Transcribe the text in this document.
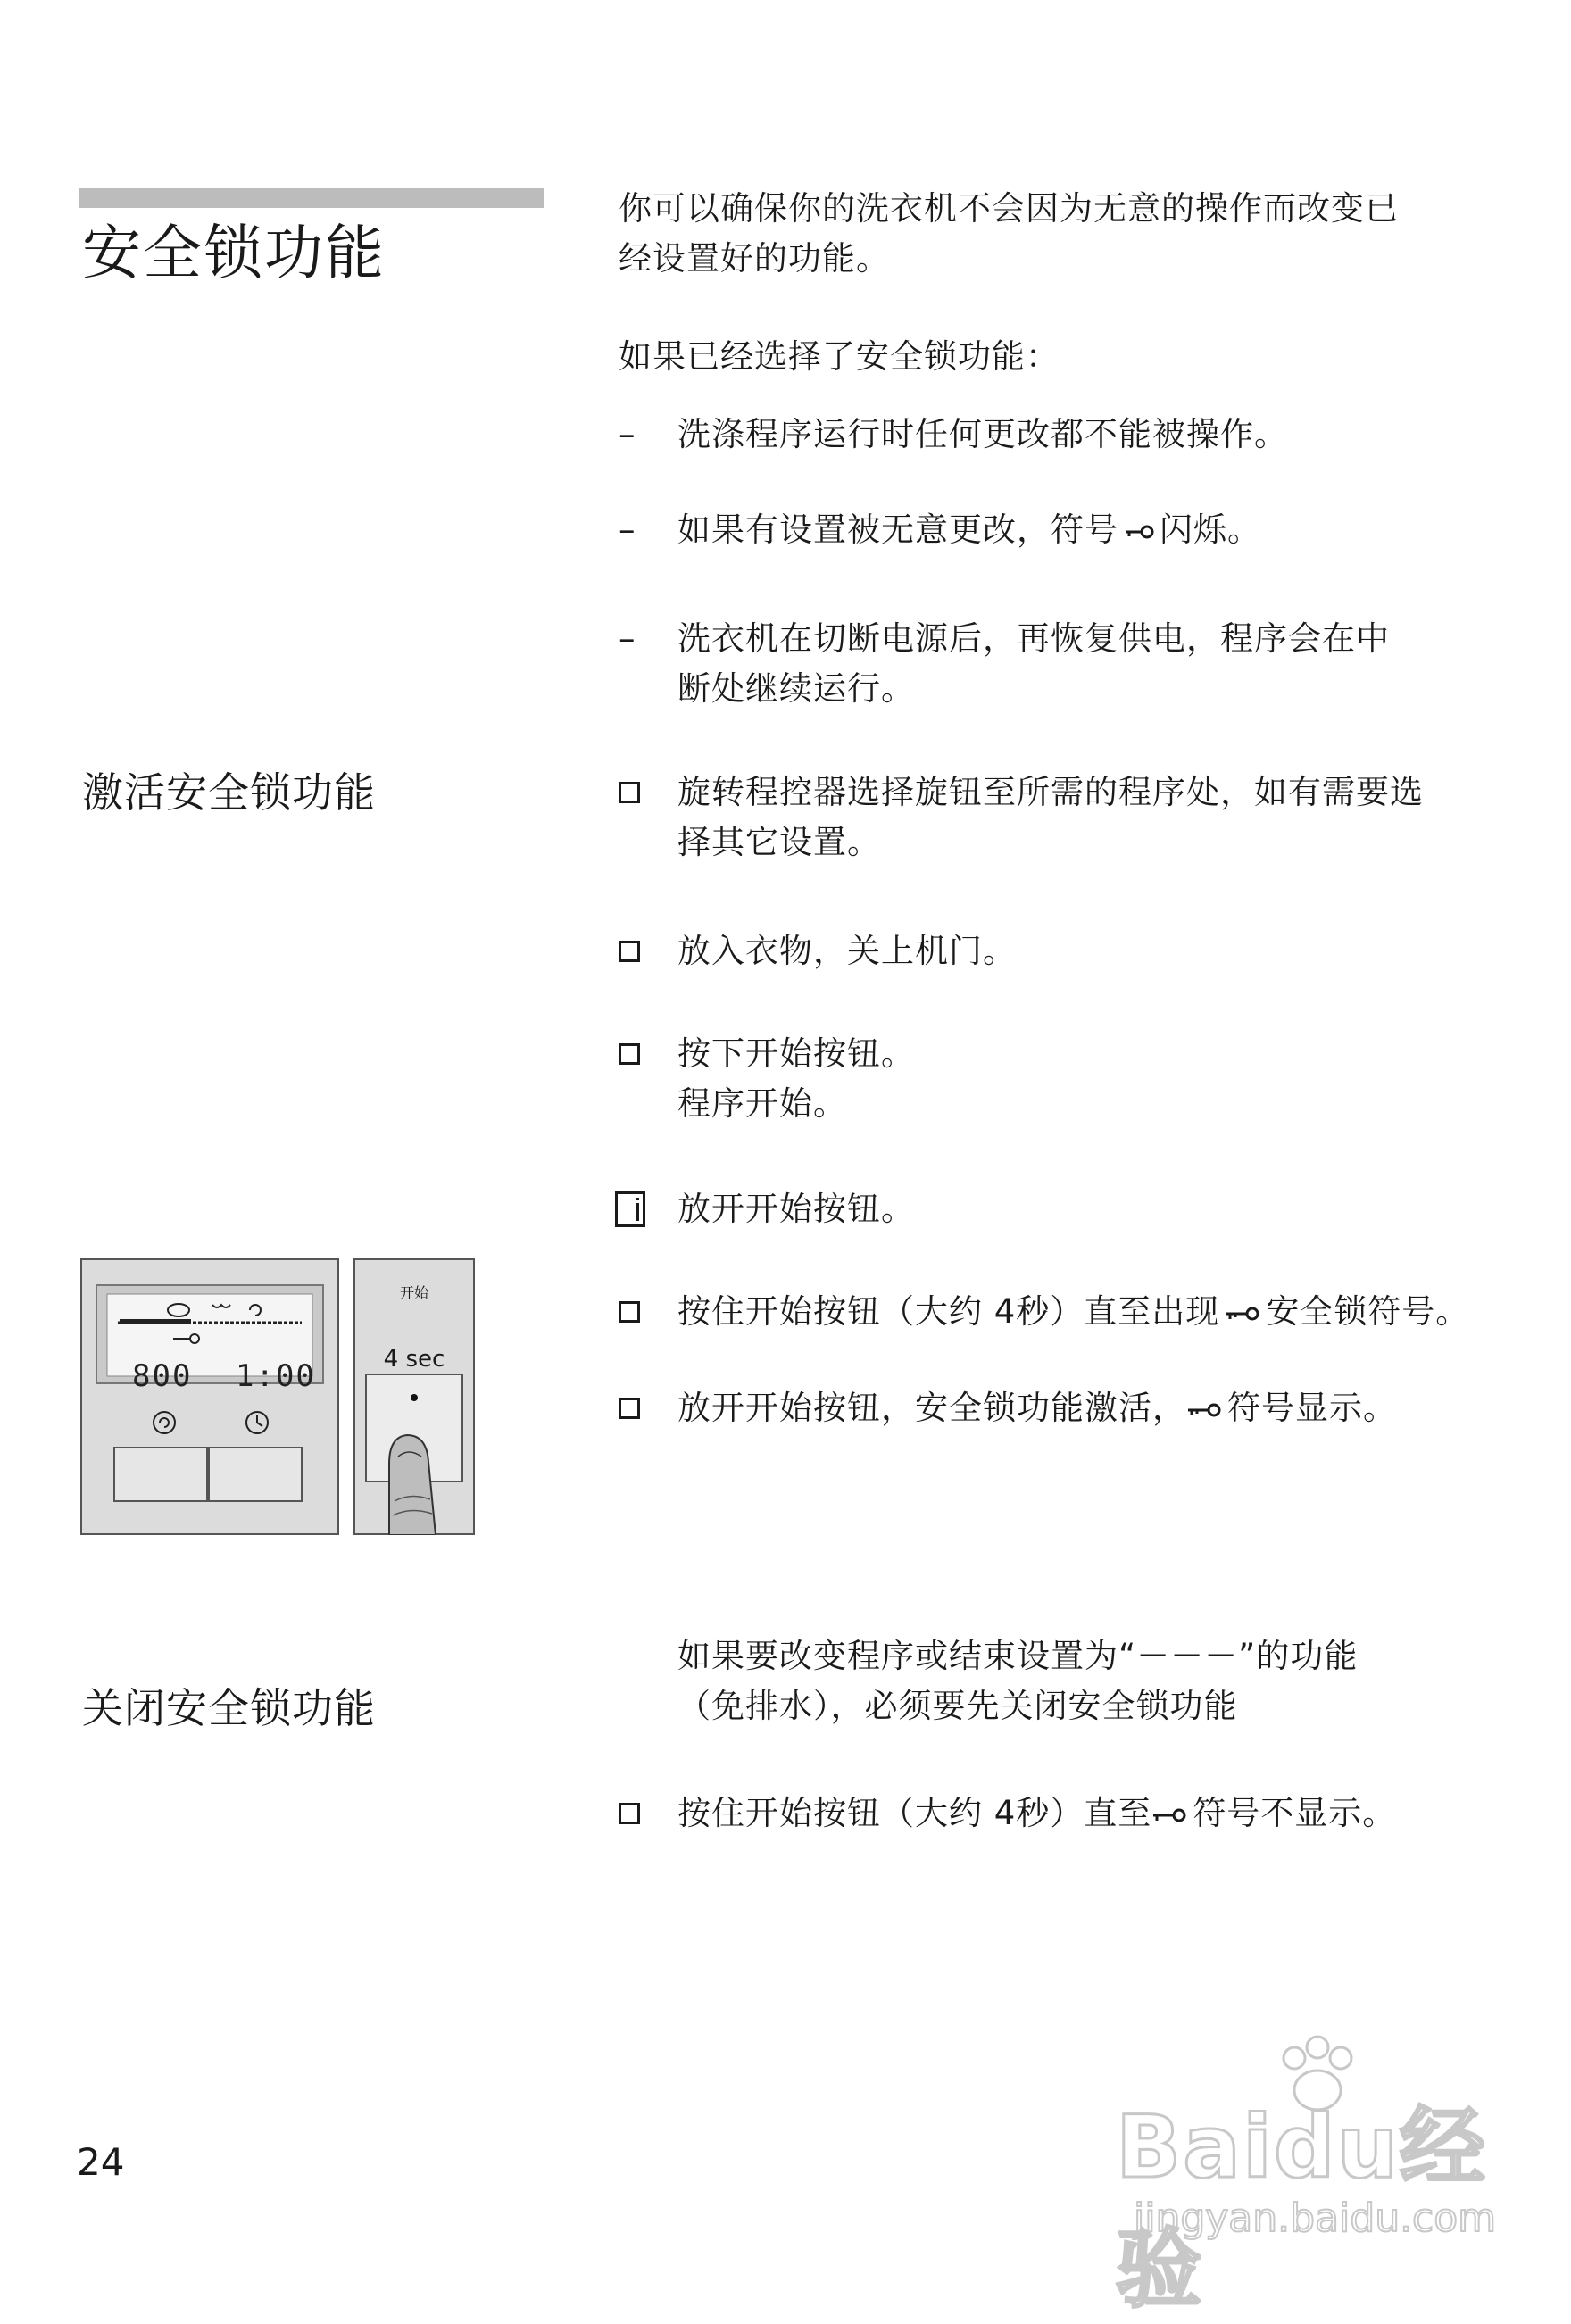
安全锁功能
激活安全锁功能
关闭安全锁功能

你可以确保你的洗衣机不会因为无意的操作而改变已
经设置好的功能。

如果已经选择了安全锁功能：

– 洗涤程序运行时任何更改都不能被操作。
– 如果有设置被无意更改，符号 闪烁。
– 洗衣机在切断电源后，再恢复供电，程序会在中
断处继续运行。
旋转程控器选择旋钮至所需的程序处，如有需要选
择其它设置。
放入衣物，关上机门。
按下开始按钮。
程序开始。
放开开始按钮。
按住开始按钮（大约 4秒）直至出现 安全锁符号。
放开开始按钮，安全锁功能激活， 符号显示。

如果要改变程序或结束设置为“－－－”的功能
（免排水），必须要先关闭安全锁功能

按住开始按钮（大约 4秒）直至 符号不显示。
800 1:00
开始
4 sec

24	Baidu经验
jingyan.baidu.com
